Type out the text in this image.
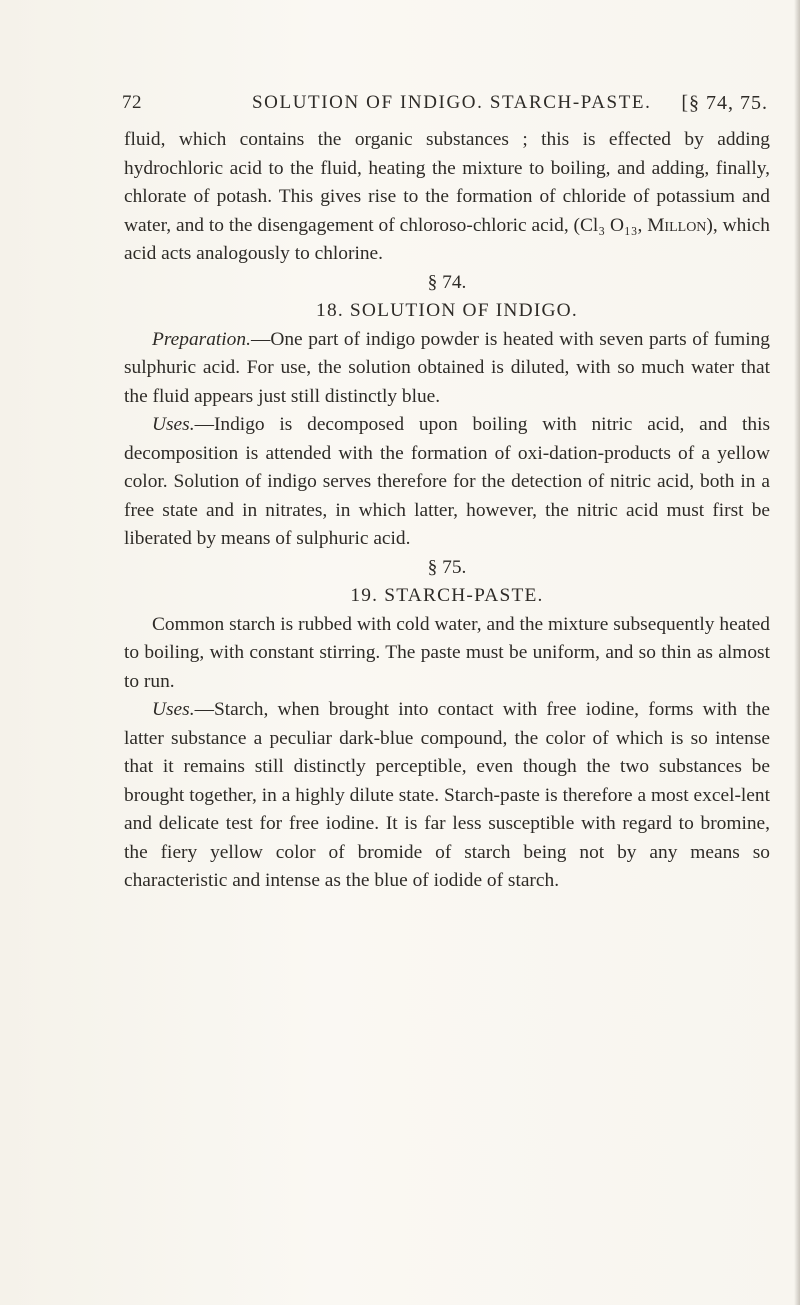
72	SOLUTION OF INDIGO. STARCH-PASTE. [§ 74, 75.

fluid, which contains the organic substances ; this is effected by adding hydrochloric acid to the fluid, heating the mixture to boiling, and adding, finally, chlorate of potash. This gives rise to the formation of chloride of potassium and water, and to the disengagement of chloroso-chloric acid, (Cl₃ O₁₃, Millon), which acid acts analogously to chlorine.

§ 74.

18. SOLUTION OF INDIGO.

Preparation.—One part of indigo powder is heated with seven parts of fuming sulphuric acid. For use, the solution obtained is diluted, with so much water that the fluid appears just still distinctly blue.

Uses.—Indigo is decomposed upon boiling with nitric acid, and this decomposition is attended with the formation of oxi-dation-products of a yellow color. Solution of indigo serves therefore for the detection of nitric acid, both in a free state and in nitrates, in which latter, however, the nitric acid must first be liberated by means of sulphuric acid.

§ 75.

19. STARCH-PASTE.

Common starch is rubbed with cold water, and the mixture subsequently heated to boiling, with constant stirring. The paste must be uniform, and so thin as almost to run.

Uses.—Starch, when brought into contact with free iodine, forms with the latter substance a peculiar dark-blue compound, the color of which is so intense that it remains still distinctly perceptible, even though the two substances be brought together, in a highly dilute state. Starch-paste is therefore a most excel-lent and delicate test for free iodine. It is far less susceptible with regard to bromine, the fiery yellow color of bromide of starch being not by any means so characteristic and intense as the blue of iodide of starch.
